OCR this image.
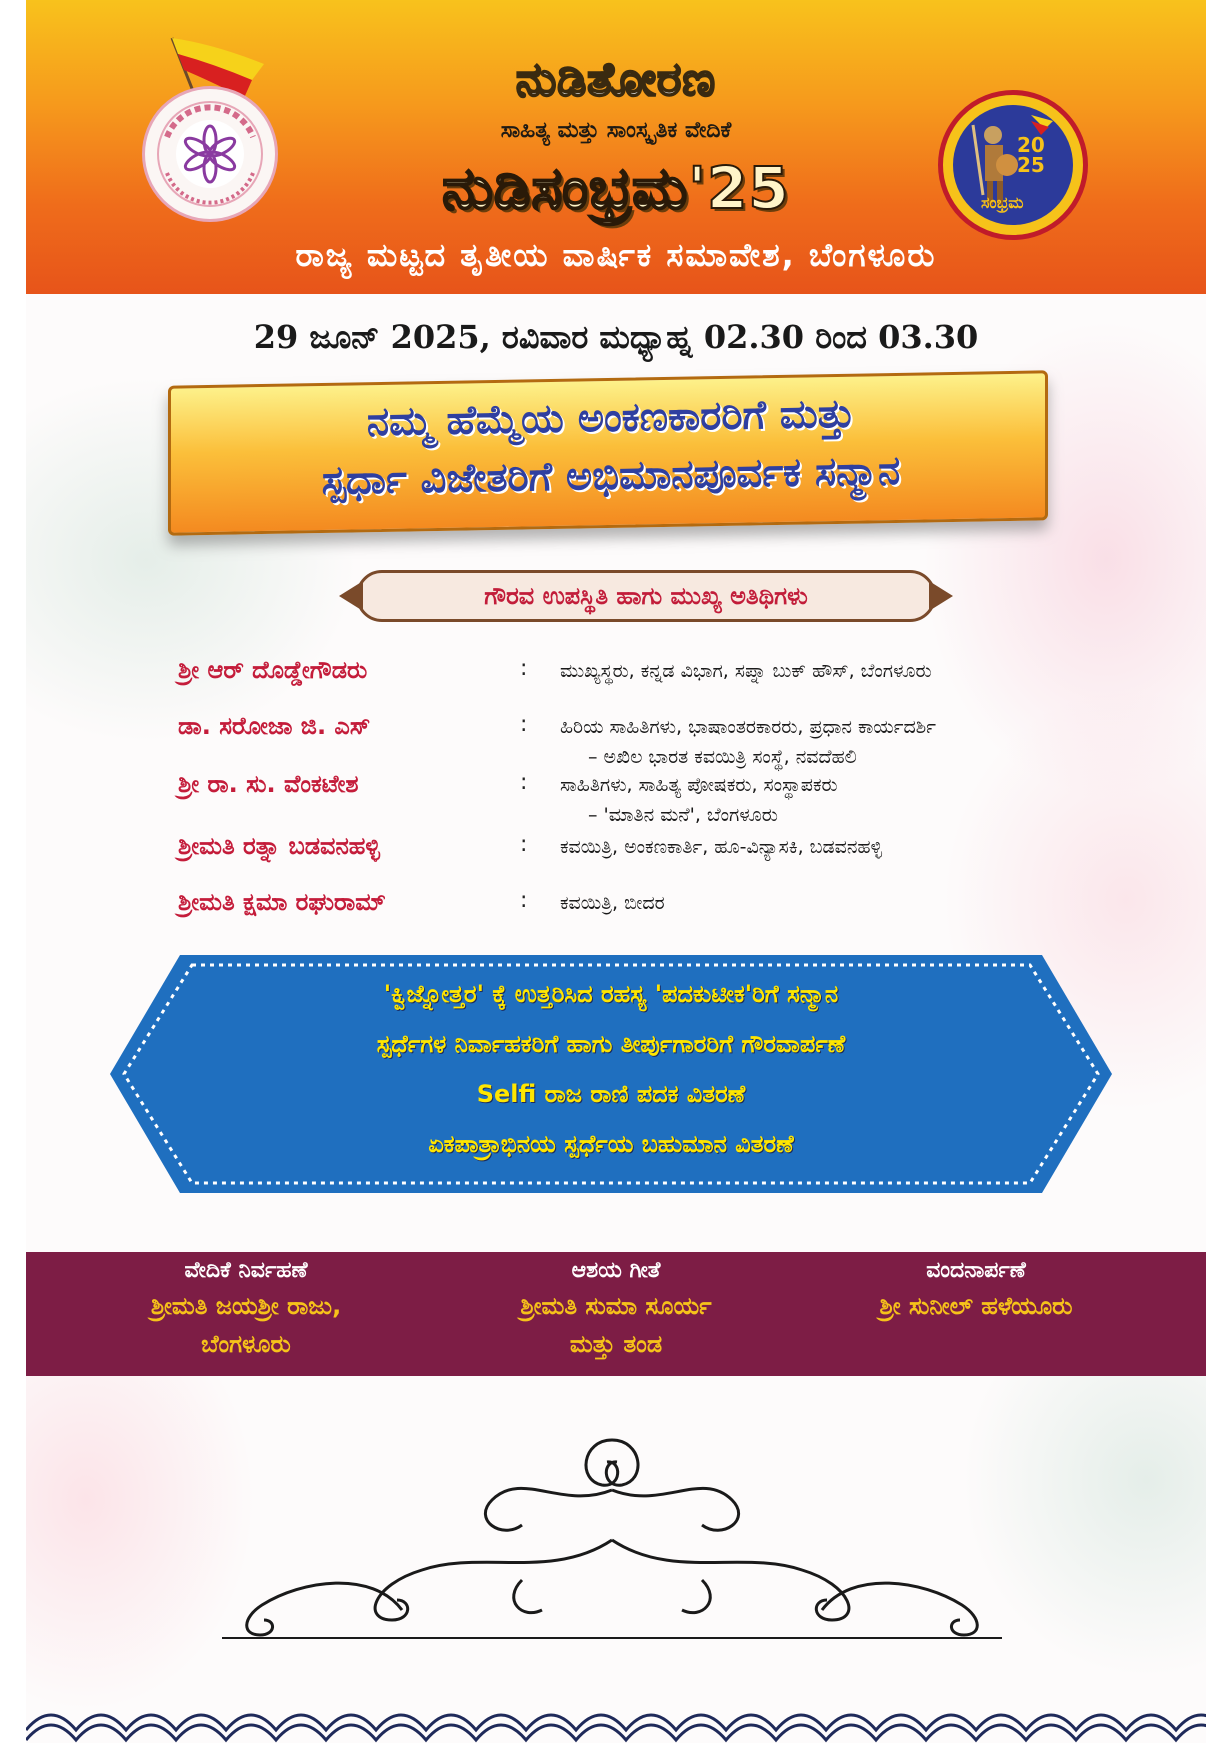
ನುಡಿತೋರಣ
ಸಾಹಿತ್ಯ ಮತ್ತು ಸಾಂಸ್ಕೃತಿಕ ವೇದಿಕೆ
ನುಡಿಸಂಭ್ರಮ'25
ರಾಜ್ಯ ಮಟ್ಟದ ತೃತೀಯ ವಾರ್ಷಿಕ ಸಮಾವೇಶ, ಬೆಂಗಳೂರು
20
25
ಸಂಭ್ರಮ
29 ಜೂನ್ 2025, ರವಿವಾರ ಮಧ್ಯಾಹ್ನ 02.30 ರಿಂದ 03.30
ನಮ್ಮ ಹೆಮ್ಮೆಯ ಅಂಕಣಕಾರರಿಗೆ ಮತ್ತು
ಸ್ಪರ್ಧಾ ವಿಜೇತರಿಗೆ ಅಭಿಮಾನಪೂರ್ವಕ ಸನ್ಮಾನ
ಗೌರವ ಉಪಸ್ಥಿತಿ ಹಾಗು ಮುಖ್ಯ ಅತಿಥಿಗಳು
ಶ್ರೀ ಆರ್ ದೊಡ್ಡೇಗೌಡರು	: ಮುಖ್ಯಸ್ಥರು, ಕನ್ನಡ ವಿಭಾಗ, ಸಪ್ನಾ ಬುಕ್ ಹೌಸ್, ಬೆಂಗಳೂರು
ಡಾ. ಸರೋಜಾ ಜಿ. ಎಸ್	: ಹಿರಿಯ ಸಾಹಿತಿಗಳು, ಭಾಷಾಂತರಕಾರರು, ಪ್ರಧಾನ ಕಾರ್ಯದರ್ಶಿ
– ಅಖಿಲ ಭಾರತ ಕವಯಿತ್ರಿ ಸಂಸ್ಥೆ, ನವದೆಹಲಿ
ಶ್ರೀ ರಾ. ಸು. ವೆಂಕಟೇಶ	: ಸಾಹಿತಿಗಳು, ಸಾಹಿತ್ಯ ಪೋಷಕರು, ಸಂಸ್ಥಾಪಕರು
– 'ಮಾತಿನ ಮನೆ', ಬೆಂಗಳೂರು
ಶ್ರೀಮತಿ ರತ್ನಾ ಬಡವನಹಳ್ಳಿ	: ಕವಯಿತ್ರಿ, ಅಂಕಣಕಾರ್ತಿ, ಹೂ-ವಿನ್ಯಾಸಕಿ, ಬಡವನಹಳ್ಳಿ
ಶ್ರೀಮತಿ ಕ್ಷಮಾ ರಘುರಾಮ್	: ಕವಯಿತ್ರಿ, ಬೀದರ
'ಕ್ವಿಜ್ನೋತ್ತರ' ಕ್ಕೆ ಉತ್ತರಿಸಿದ ರಹಸ್ಯ 'ಪದಕುಟೀಕ'ರಿಗೆ ಸನ್ಮಾನ
ಸ್ಪರ್ಧೆಗಳ ನಿರ್ವಾಹಕರಿಗೆ ಹಾಗು ತೀರ್ಪುಗಾರರಿಗೆ ಗೌರವಾರ್ಪಣೆ
Selfi ರಾಜ ರಾಣಿ ಪದಕ ವಿತರಣೆ
ಏಕಪಾತ್ರಾಭಿನಯ ಸ್ಪರ್ಧೆಯ ಬಹುಮಾನ ವಿತರಣೆ
ವೇದಿಕೆ ನಿರ್ವಹಣೆ
ಶ್ರೀಮತಿ ಜಯಶ್ರೀ ರಾಜು,
ಬೆಂಗಳೂರು
ಆಶಯ ಗೀತೆ
ಶ್ರೀಮತಿ ಸುಮಾ ಸೂರ್ಯ
ಮತ್ತು ತಂಡ
ವಂದನಾರ್ಪಣೆ
ಶ್ರೀ ಸುನೀಲ್ ಹಳೆಯೂರು
